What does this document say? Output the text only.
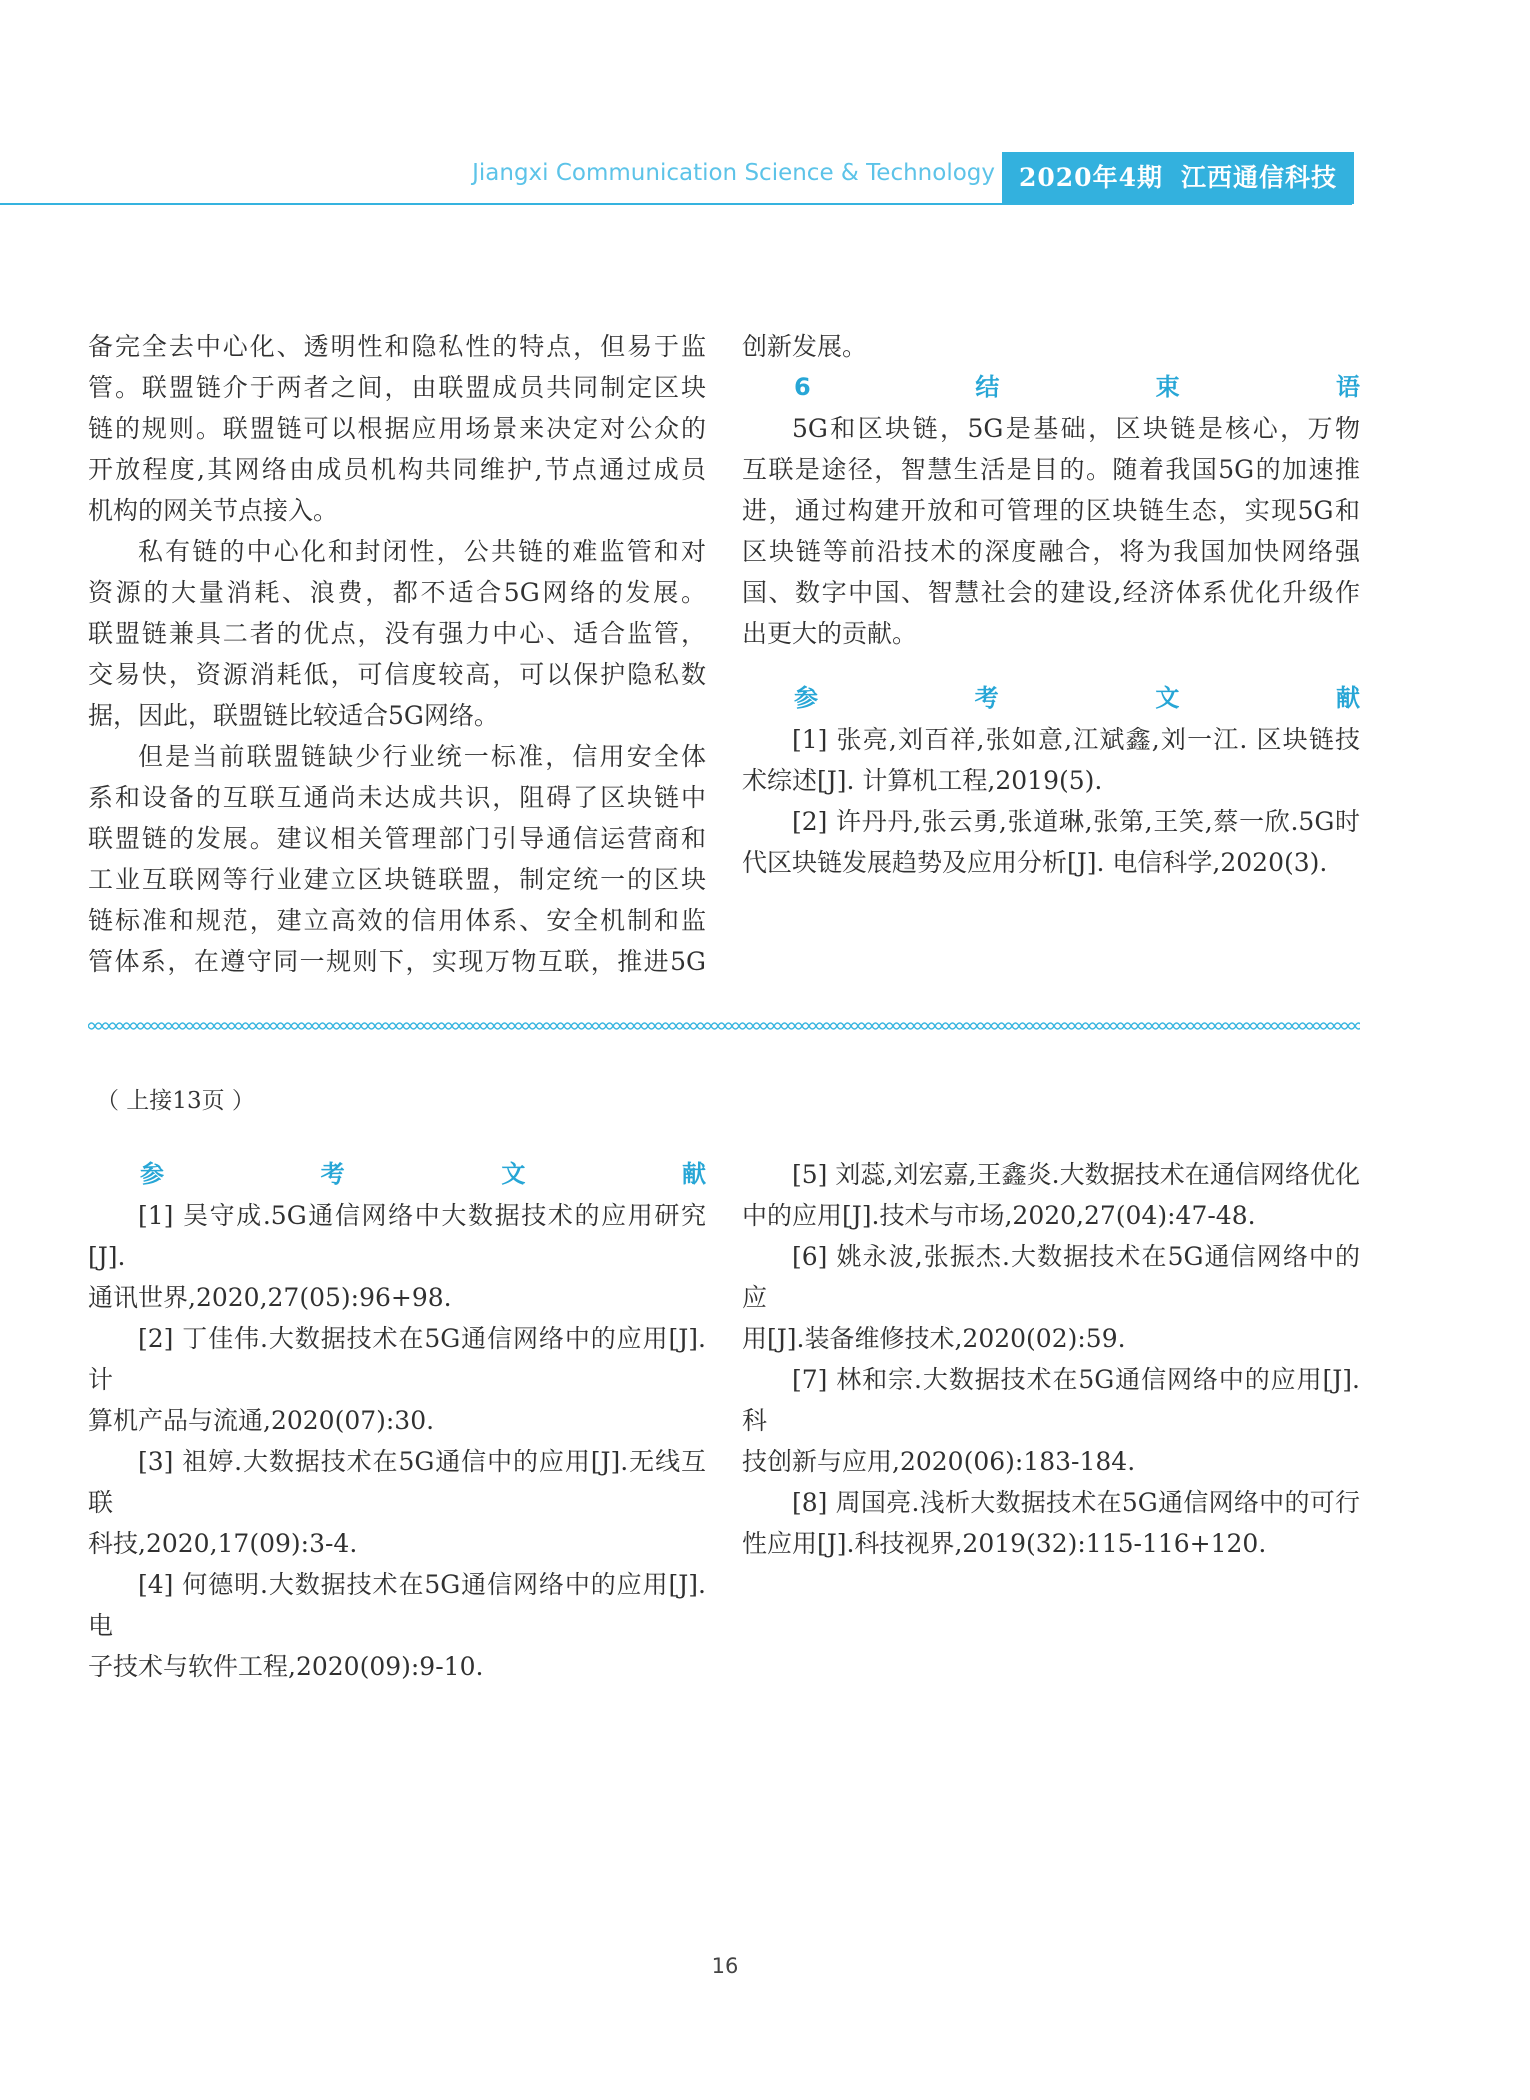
Jiangxi Communication Science & Technology 2020年4期 江西通信科技

备完全去中心化、透明性和隐私性的特点，但易于监

管。联盟链介于两者之间，由联盟成员共同制定区块

链的规则。联盟链可以根据应用场景来决定对公众的

开放程度,其网络由成员机构共同维护,节点通过成员

机构的网关节点接入。

私有链的中心化和封闭性，公共链的难监管和对

资源的大量消耗、浪费，都不适合5G网络的发展。

联盟链兼具二者的优点，没有强力中心、适合监管，

交易快，资源消耗低，可信度较高，可以保护隐私数

据，因此，联盟链比较适合5G网络。

但是当前联盟链缺少行业统一标准，信用安全体

系和设备的互联互通尚未达成共识，阻碍了区块链中

联盟链的发展。建议相关管理部门引导通信运营商和

工业互联网等行业建立区块链联盟，制定统一的区块

链标准和规范，建立高效的信用体系、安全机制和监

管体系，在遵守同一规则下，实现万物互联，推进5G

创新发展。

6 结束语

5G和区块链，5G是基础，区块链是核心，万物

互联是途径，智慧生活是目的。随着我国5G的加速推

进，通过构建开放和可管理的区块链生态，实现5G和

区块链等前沿技术的深度融合，将为我国加快网络强

国、数字中国、智慧社会的建设,经济体系优化升级作

出更大的贡献。

参考文献

[1] 张亮,刘百祥,张如意,江斌鑫,刘一江. 区块链技

术综述[J]. 计算机工程,2019(5).

[2] 许丹丹,张云勇,张道琳,张第,王笑,蔡一欣.5G时

代区块链发展趋势及应用分析[J]. 电信科学,2020(3).

（ 上接13页 ）

参考文献

[1] 吴守成.5G通信网络中大数据技术的应用研究[J].

通讯世界,2020,27(05):96+98.

[2] 丁佳伟.大数据技术在5G通信网络中的应用[J].计

算机产品与流通,2020(07):30.

[3] 祖婷.大数据技术在5G通信中的应用[J].无线互联

科技,2020,17(09):3-4.

[4] 何德明.大数据技术在5G通信网络中的应用[J].电

子技术与软件工程,2020(09):9-10.

[5] 刘蕊,刘宏嘉,王鑫炎.大数据技术在通信网络优化

中的应用[J].技术与市场,2020,27(04):47-48.

[6] 姚永波,张振杰.大数据技术在5G通信网络中的应

用[J].装备维修技术,2020(02):59.

[7] 林和宗.大数据技术在5G通信网络中的应用[J].科

技创新与应用,2020(06):183-184.

[8] 周国亮.浅析大数据技术在5G通信网络中的可行

性应用[J].科技视界,2019(32):115-116+120.

16
